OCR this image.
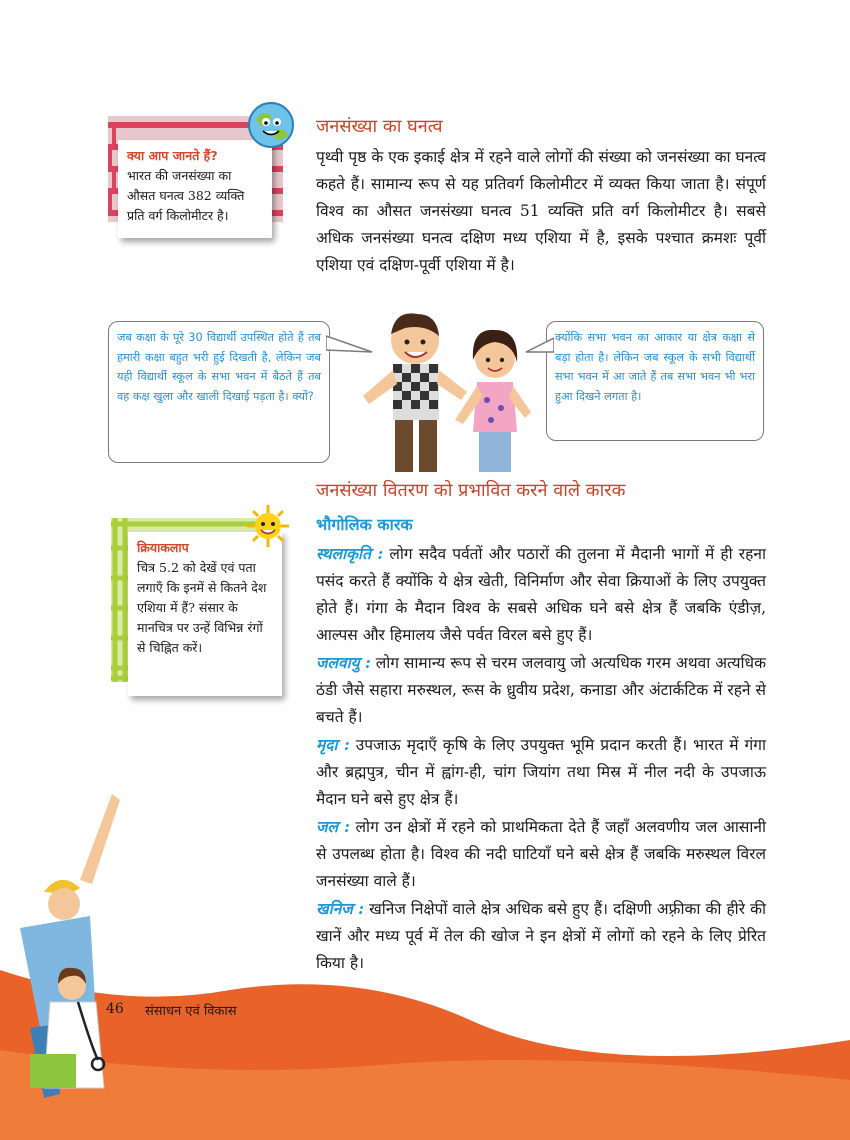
क्या आप जानते हैं?
भारत की जनसंख्या का औसत घनत्व 382 व्यक्ति प्रति वर्ग किलोमीटर है।
जनसंख्या का घनत्व
पृथ्वी पृष्ठ के एक इकाई क्षेत्र में रहने वाले लोगों की संख्या को जनसंख्या का घनत्व कहते हैं। सामान्य रूप से यह प्रतिवर्ग किलोमीटर में व्यक्त किया जाता है। संपूर्ण विश्व का औसत जनसंख्या घनत्व 51 व्यक्ति प्रति वर्ग किलोमीटर है। सबसे अधिक जनसंख्या घनत्व दक्षिण मध्य एशिया में है, इसके पश्चात क्रमशः पूर्वी एशिया एवं दक्षिण-पूर्वी एशिया में है।
जब कक्षा के पूरे 30 विद्यार्थी उपस्थित होते हैं तब हमारी कक्षा बहुत भरी हुई दिखती है, लेकिन जब यही विद्यार्थी स्कूल के सभा भवन में बैठते हैं तब वह कक्ष खुला और खाली दिखाई पड़ता है। क्यों?
क्योंकि सभा भवन का आकार या क्षेत्र कक्षा से बड़ा होता है। लेकिन जब स्कूल के सभी विद्यार्थी सभा भवन में आ जाते हैं तब सभा भवन भी भरा हुआ दिखने लगता है।
जनसंख्या वितरण को प्रभावित करने वाले कारक
भौगोलिक कारक
क्रियाकलाप
चित्र 5.2 को देखें एवं पता लगाएँ कि इनमें से कितने देश एशिया में हैं? संसार के मानचित्र पर उन्हें विभिन्न रंगों से चिह्नित करें।
स्थलाकृति : लोग सदैव पर्वतों और पठारों की तुलना में मैदानी भागों में ही रहना पसंद करते हैं क्योंकि ये क्षेत्र खेती, विनिर्माण और सेवा क्रियाओं के लिए उपयुक्त होते हैं। गंगा के मैदान विश्व के सबसे अधिक घने बसे क्षेत्र हैं जबकि एंडीज़, आल्पस और हिमालय जैसे पर्वत विरल बसे हुए हैं।
जलवायु : लोग सामान्य रूप से चरम जलवायु जो अत्यधिक गरम अथवा अत्यधिक ठंडी जैसे सहारा मरुस्थल, रूस के ध्रुवीय प्रदेश, कनाडा और अंटार्कटिक में रहने से बचते हैं।
मृदा : उपजाऊ मृदाएँ कृषि के लिए उपयुक्त भूमि प्रदान करती हैं। भारत में गंगा और ब्रह्मपुत्र, चीन में ह्वांग-ही, चांग जियांग तथा मिस्र में नील नदी के उपजाऊ मैदान घने बसे हुए क्षेत्र हैं।
जल : लोग उन क्षेत्रों में रहने को प्राथमिकता देते हैं जहाँ अलवणीय जल आसानी से उपलब्ध होता है। विश्व की नदी घाटियाँ घने बसे क्षेत्र हैं जबकि मरुस्थल विरल जनसंख्या वाले हैं।
खनिज : खनिज निक्षेपों वाले क्षेत्र अधिक बसे हुए हैं। दक्षिणी अफ़्रीका की हीरे की खानें और मध्य पूर्व में तेल की खोज ने इन क्षेत्रों में लोगों को रहने के लिए प्रेरित किया है।
46 संसाधन एवं विकास
